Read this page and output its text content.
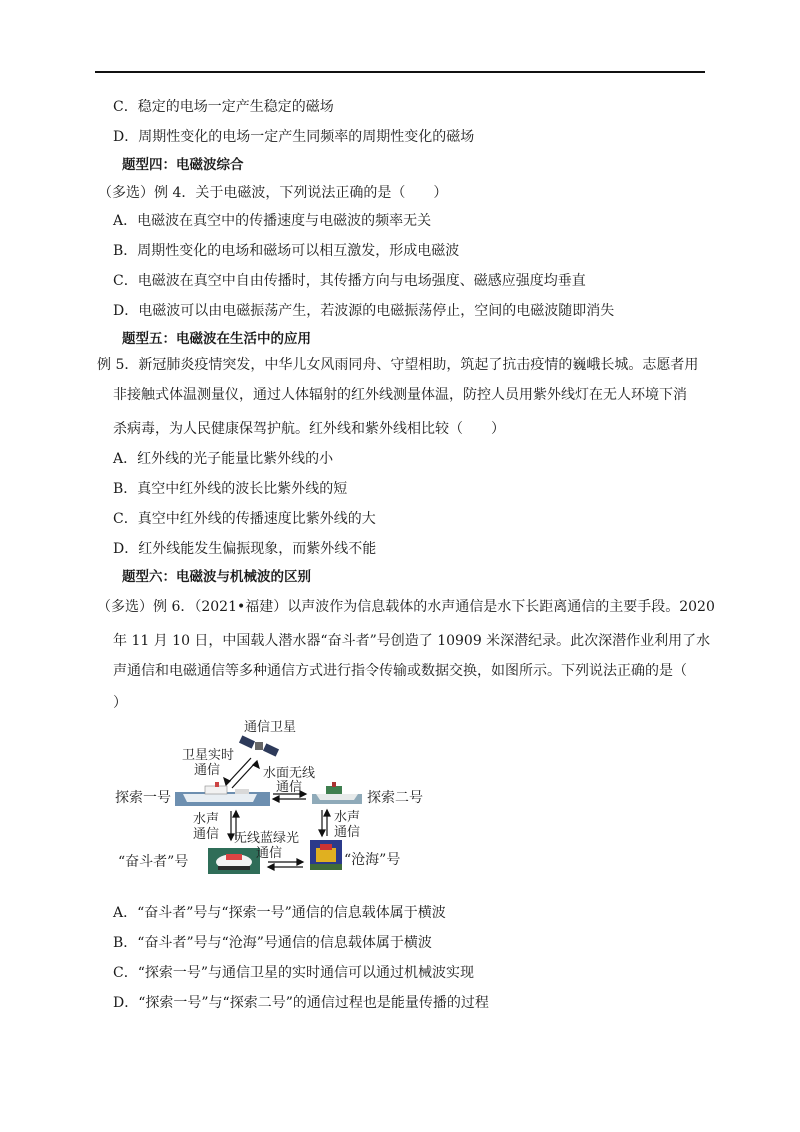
C．稳定的电场一定产生稳定的磁场
D．周期性变化的电场一定产生同频率的周期性变化的磁场
题型四：电磁波综合
（多选）例 4．关于电磁波，下列说法正确的是（　　）
A．电磁波在真空中的传播速度与电磁波的频率无关
B．周期性变化的电场和磁场可以相互激发，形成电磁波
C．电磁波在真空中自由传播时，其传播方向与电场强度、磁感应强度均垂直
D．电磁波可以由电磁振荡产生，若波源的电磁振荡停止，空间的电磁波随即消失
题型五：电磁波在生活中的应用
例 5．新冠肺炎疫情突发，中华儿女风雨同舟、守望相助，筑起了抗击疫情的巍峨长城。志愿者用
非接触式体温测量仪，通过人体辐射的红外线测量体温，防控人员用紫外线灯在无人环境下消
杀病毒，为人民健康保驾护航。红外线和紫外线相比较（　　）
A．红外线的光子能量比紫外线的小
B．真空中红外线的波长比紫外线的短
C．真空中红外线的传播速度比紫外线的大
D．红外线能发生偏振现象，而紫外线不能
题型六：电磁波与机械波的区别
（多选）例 6．（2021•福建）以声波作为信息载体的水声通信是水下长距离通信的主要手段。2020
年 11 月 10 日，中国载人潜水器“奋斗者”号创造了 10909 米深潜纪录。此次深潜作业利用了水
声通信和电磁通信等多种通信方式进行指令传输或数据交换，如图所示。下列说法正确的是（
）
通信卫星
卫星实时
通信	水面无线
通信
探索一号	探索二号
水声
通信
水声
通信
无线蓝绿光
通信
“奋斗者”号	“沧海”号
A．“奋斗者”号与“探索一号”通信的信息载体属于横波
B．“奋斗者”号与“沧海”号通信的信息载体属于横波
C．“探索一号”与通信卫星的实时通信可以通过机械波实现
D．“探索一号”与“探索二号”的通信过程也是能量传播的过程
